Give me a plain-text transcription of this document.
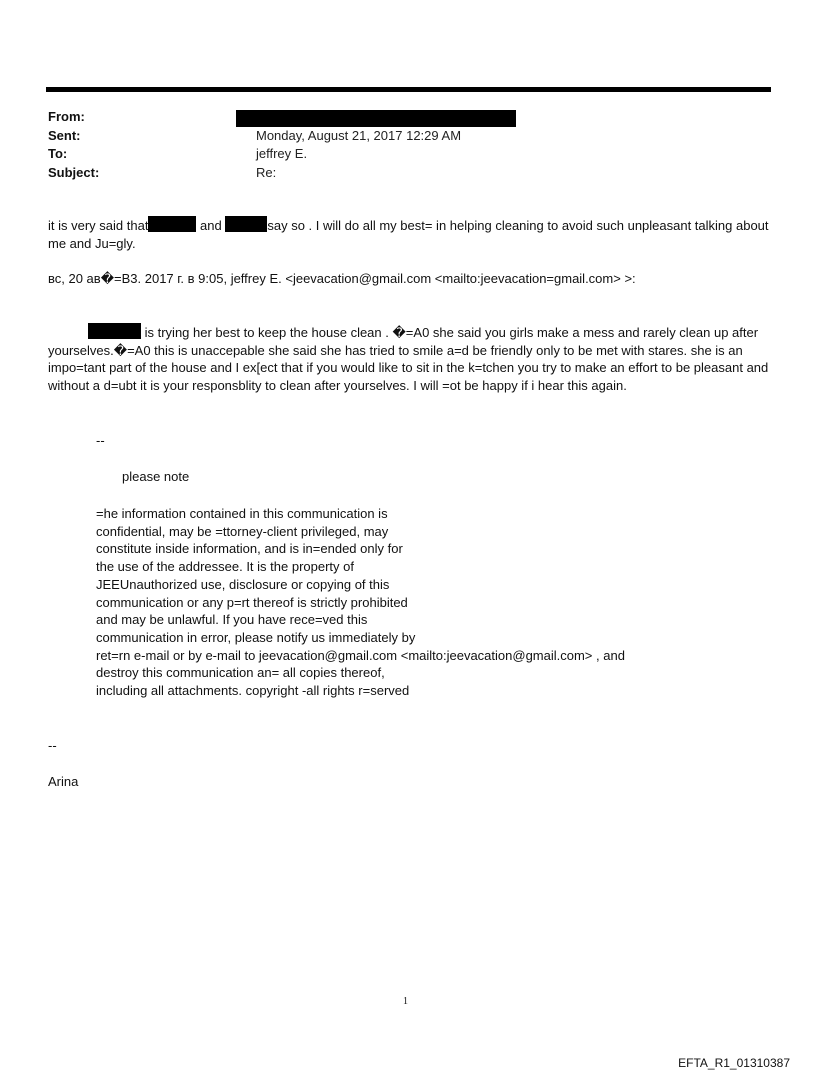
From:
Sent:	Monday, August 21, 2017 12:29 AM
To:	jeffrey E.
Subject:	Re:
it is very said that	and	say so . I will do all my best= in helping cleaning to avoid such unpleasant talking about me and Ju=gly.
вс, 20 ав�=В3. 2017 г. в 9:05, jeffrey E. <jeevacation@gmail.com <mailto:jeevacation=gmail.com> >:
is trying her best to keep the house clean . �=A0 she said you girls make a mess and rarely clean up after yourselves.�=A0 this is unaccepable she said she has tried to smile a=d be friendly only to be met with stares. she is an impo=tant part of the house and I ex[ect that if you would like to sit in the k=tchen you try to make an effort to be pleasant and without a d=ubt it is your responsblity to clean after yourselves. I will =ot be happy if i hear this again.
--
please note
=he information contained in this communication is
confidential, may be =ttorney-client privileged, may
constitute inside information, and is in=ended only for
the use of the addressee. It is the property of
JEEUnauthorized use, disclosure or copying of this
communication or any p=rt thereof is strictly prohibited
and may be unlawful. If you have rece=ved this
communication in error, please notify us immediately by
ret=rn e-mail or by e-mail to jeevacation@gmail.com <mailto:jeevacation@gmail.com> , and
destroy this communication an= all copies thereof,
including all attachments. copyright -all rights r=served
--
Arina
1
EFTA_R1_01310387
